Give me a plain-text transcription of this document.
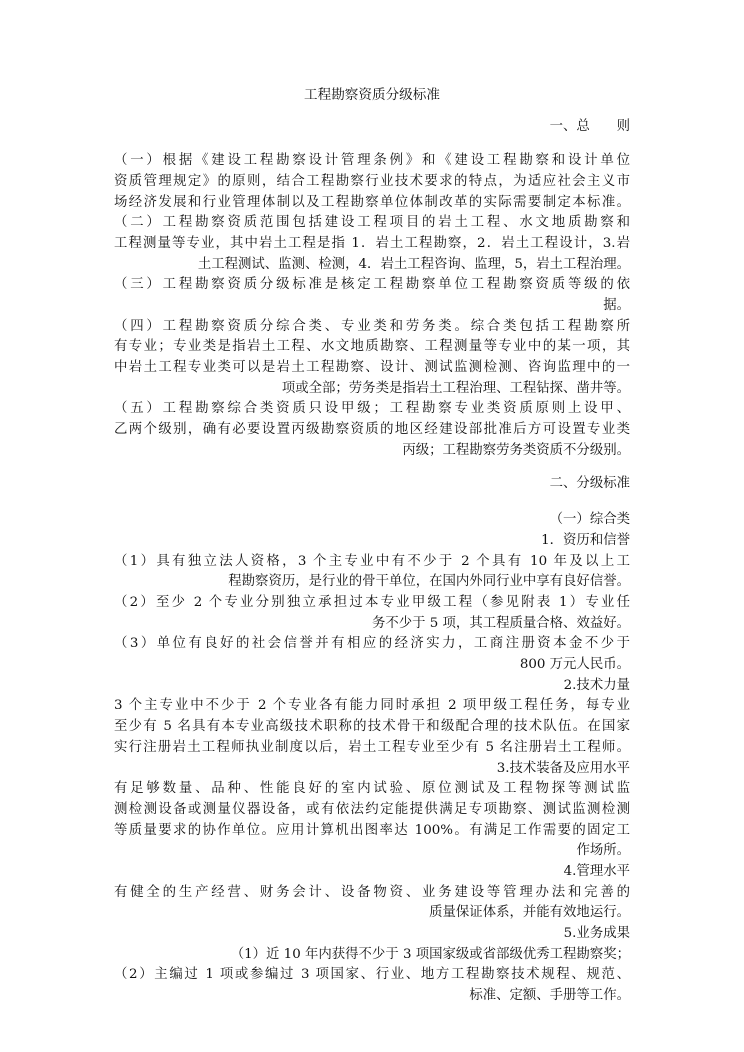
工程勘察资质分级标准
一、总　　则
（一）根据《建设工程勘察设计管理条例》和《建设工程勘察和设计单位
资质管理规定》的原则，结合工程勘察行业技术要求的特点，为适应社会主义市
场经济发展和行业管理体制以及工程勘察单位体制改革的实际需要制定本标准。
（二）工程勘察资质范围包括建设工程项目的岩土工程、水文地质勘察和
工程测量等专业，其中岩土工程是指 1．岩土工程勘察，2．岩土工程设计，3.岩
土工程测试、监测、检测，4．岩土工程咨询、监理，5，岩土工程治理。
（三）工程勘察资质分级标准是核定工程勘察单位工程勘察资质等级的依
据。
（四）工程勘察资质分综合类、专业类和劳务类。综合类包括工程勘察所
有专业；专业类是指岩土工程、水文地质勘察、工程测量等专业中的某一项，其
中岩土工程专业类可以是岩土工程勘察、设计、测试监测检测、咨询监理中的一
项或全部；劳务类是指岩土工程治理、工程钻探、凿井等。
（五）工程勘察综合类资质只设甲级；工程勘察专业类资质原则上设甲、
乙两个级别，确有必要设置丙级勘察资质的地区经建设部批准后方可设置专业类
丙级；工程勘察劳务类资质不分级别。
二、分级标准
（一）综合类
1．资历和信誉
（1）具有独立法人资格，3 个主专业中有不少于 2 个具有 10 年及以上工
程勘察资历，是行业的骨干单位，在国内外同行业中享有良好信誉。
（2）至少 2 个专业分别独立承担过本专业甲级工程（参见附表 1）专业任
务不少于 5 项，其工程质量合格、效益好。
（3）单位有良好的社会信誉并有相应的经济实力，工商注册资本金不少于
800 万元人民币。
2.技术力量
3 个主专业中不少于 2 个专业各有能力同时承担 2 项甲级工程任务，每专业
至少有 5 名具有本专业高级技术职称的技术骨干和级配合理的技术队伍。在国家
实行注册岩土工程师执业制度以后，岩土工程专业至少有 5 名注册岩土工程师。
3.技术装备及应用水平
有足够数量、品种、性能良好的室内试验、原位测试及工程物探等测试监
测检测设备或测量仪器设备，或有依法约定能提供满足专项勘察、测试监测检测
等质量要求的协作单位。应用计算机出图率达 100%。有满足工作需要的固定工
作场所。
4.管理水平
有健全的生产经营、财务会计、设备物资、业务建设等管理办法和完善的
质量保证体系，并能有效地运行。
5.业务成果
（1）近 10 年内获得不少于 3 项国家级或省部级优秀工程勘察奖；
（2）主编过 1 项或参编过 3 项国家、行业、地方工程勘察技术规程、规范、
标准、定额、手册等工作。
